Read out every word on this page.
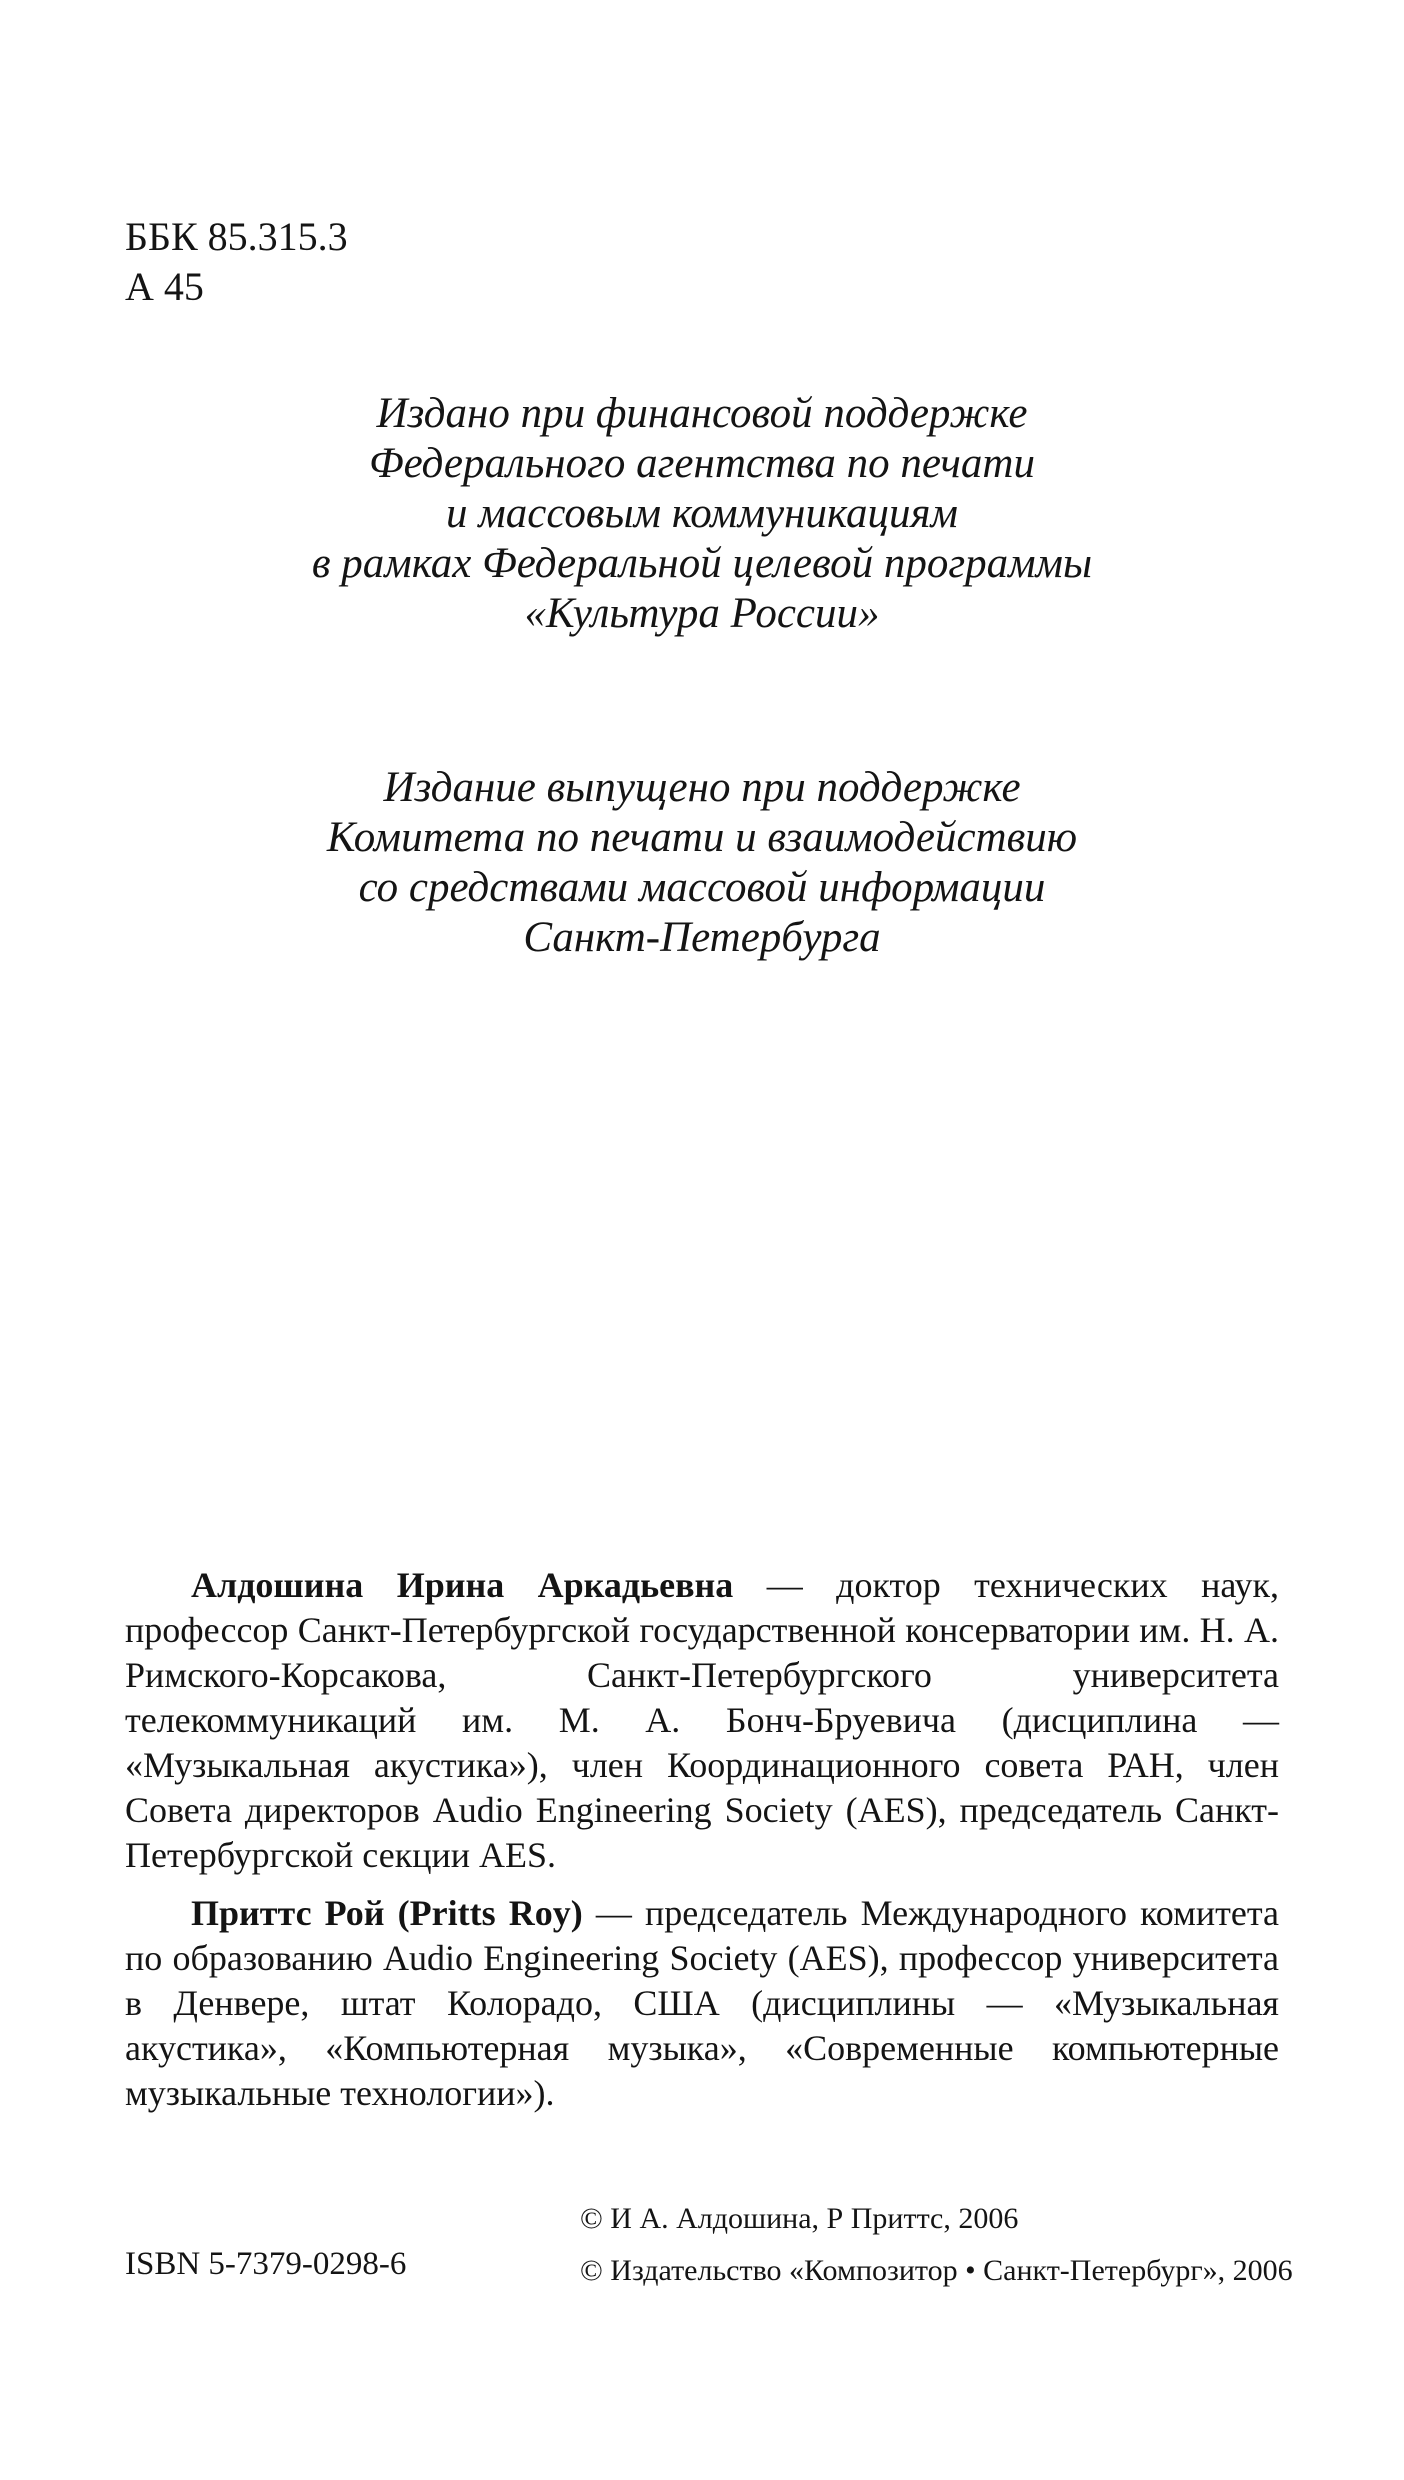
ББК 85.315.3
А 45
Издано при финансовой поддержке
Федерального агентства по печати
и массовым коммуникациям
в рамках Федеральной целевой программы
«Культура России»
Издание выпущено при поддержке
Комитета по печати и взаимодействию
со средствами массовой информации
Санкт-Петербурга

Алдошина Ирина Аркадьевна — доктор технических наук, профессор Санкт-Петербургской государственной консерватории им. Н. А. Римского-Корсакова, Санкт-Петербургского университета телекоммуникаций им. М. А. Бонч-Бруевича (дисциплина — «Музыкальная акустика»), член Координационного совета РАН, член Совета директоров Audio Engineering Society (AES), председатель Санкт-Петербургской секции AES.

Приттс Рой (Pritts Roy) — председатель Международного комитета по образованию Audio Engineering Society (AES), профессор университета в Денвере, штат Колорадо, США (дисциплины — «Музыкальная акустика», «Компьютерная музыка», «Современные компьютерные музыкальные технологии»).

ISBN 5-7379-0298-6
© И А. Алдошина, Р Приттс, 2006
© Издательство «Композитор • Санкт-Петербург», 2006
